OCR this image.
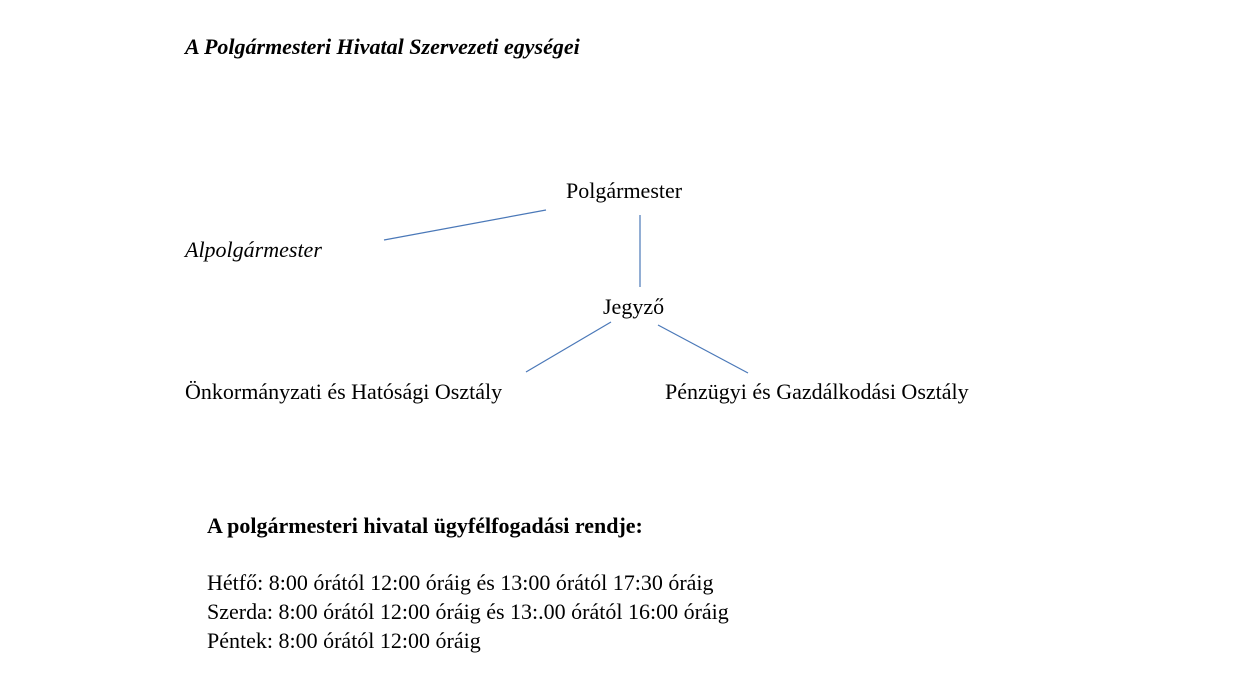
A Polgármesteri Hivatal Szervezeti egységei
Polgármester
Alpolgármester
Jegyző
Önkormányzati és Hatósági Osztály	Pénzügyi és Gazdálkodási Osztály
A polgármesteri hivatal ügyfélfogadási rendje:
Hétfő: 8:00 órától 12:00 óráig és 13:00 órától 17:30 óráig
Szerda: 8:00 órától 12:00 óráig és 13:.00 órától 16:00 óráig
Péntek: 8:00 órától 12:00 óráig
